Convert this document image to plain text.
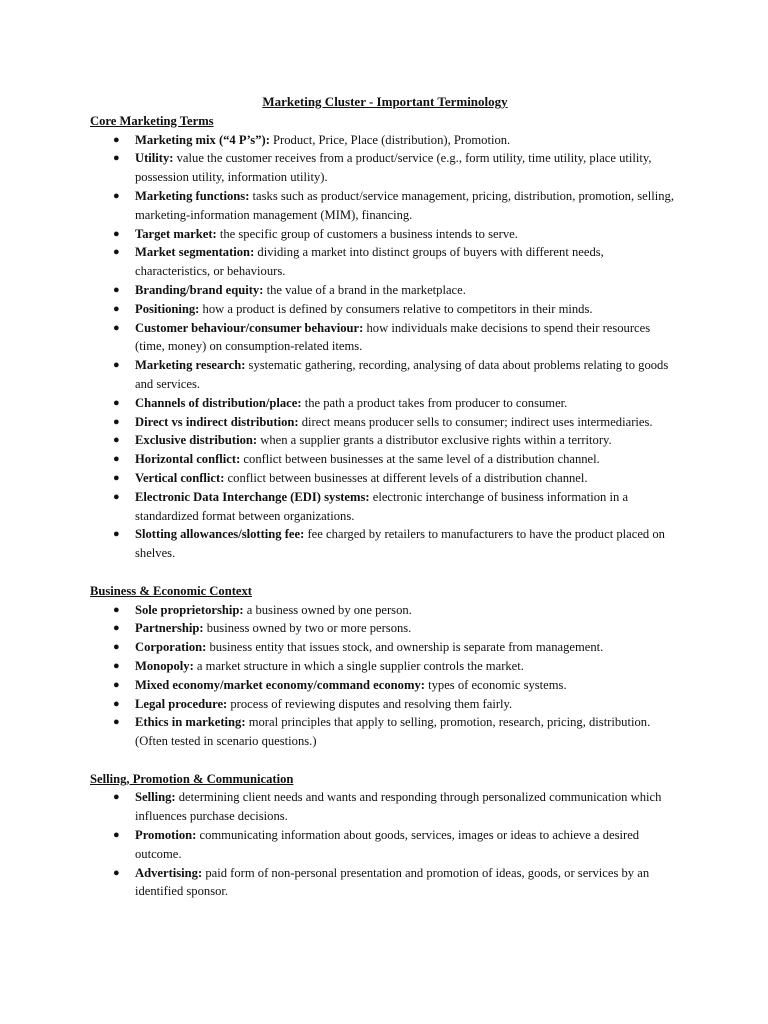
Marketing Cluster - Important Terminology
Core Marketing Terms
● Marketing mix (“4 P’s”): Product, Price, Place (distribution), Promotion.
● Utility: value the customer receives from a product/service (e.g., form utility, time utility, place utility, possession utility, information utility).
● Marketing functions: tasks such as product/service management, pricing, distribution, promotion, selling, marketing-information management (MIM), financing.
● Target market: the specific group of customers a business intends to serve.
● Market segmentation: dividing a market into distinct groups of buyers with different needs, characteristics, or behaviours.
● Branding/brand equity: the value of a brand in the marketplace.
● Positioning: how a product is defined by consumers relative to competitors in their minds.
● Customer behaviour/consumer behaviour: how individuals make decisions to spend their resources (time, money) on consumption-related items.
● Marketing research: systematic gathering, recording, analysing of data about problems relating to goods and services.
● Channels of distribution/place: the path a product takes from producer to consumer.
● Direct vs indirect distribution: direct means producer sells to consumer; indirect uses intermediaries.
● Exclusive distribution: when a supplier grants a distributor exclusive rights within a territory.
● Horizontal conflict: conflict between businesses at the same level of a distribution channel.
● Vertical conflict: conflict between businesses at different levels of a distribution channel.
● Electronic Data Interchange (EDI) systems: electronic interchange of business information in a standardized format between organizations.
● Slotting allowances/slotting fee: fee charged by retailers to manufacturers to have the product placed on shelves.
Business & Economic Context
● Sole proprietorship: a business owned by one person.
● Partnership: business owned by two or more persons.
● Corporation: business entity that issues stock, and ownership is separate from management.
● Monopoly: a market structure in which a single supplier controls the market.
● Mixed economy/market economy/command economy: types of economic systems.
● Legal procedure: process of reviewing disputes and resolving them fairly.
● Ethics in marketing: moral principles that apply to selling, promotion, research, pricing, distribution. (Often tested in scenario questions.)
Selling, Promotion & Communication
● Selling: determining client needs and wants and responding through personalized communication which influences purchase decisions.
● Promotion: communicating information about goods, services, images or ideas to achieve a desired outcome.
● Advertising: paid form of non-personal presentation and promotion of ideas, goods, or services by an identified sponsor.
